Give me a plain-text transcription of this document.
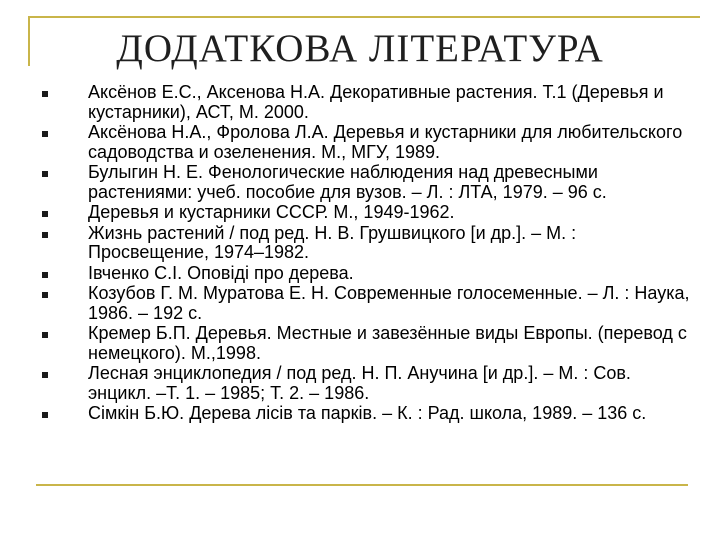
ДОДАТКОВА ЛІТЕРАТУРА
Аксёнов Е.С., Аксенова Н.А. Декоративные растения. Т.1 (Деревья и кустарники), АСТ, М. 2000.
Аксёнова Н.А., Фролова Л.А. Деревья и кустарники для любительского садоводства и озеленения. М., МГУ, 1989.
Булыгин Н. Е. Фенологические наблюдения над древесными растениями: учеб. пособие для вузов. – Л. : ЛТА, 1979. – 96 с.
Деревья и кустарники СССР. М., 1949-1962.
Жизнь растений / под ред. Н. В. Грушвицкого [и др.]. – М. : Просвещение, 1974–1982.
Івченко С.І. Оповіді про дерева.
Козубов Г. М. Муратова Е. Н. Современные голосеменные. – Л. : Наука, 1986. – 192 с.
Кремер Б.П. Деревья. Местные и завезённые виды Европы. (перевод с немецкого). М.,1998.
Лесная энциклопедия / под ред. Н. П. Анучина [и др.]. – М. : Сов. энцикл. –Т. 1. – 1985; Т. 2. – 1986.
Сімкін Б.Ю. Дерева лісів та парків. – К. : Рад. школа, 1989. – 136 с.
